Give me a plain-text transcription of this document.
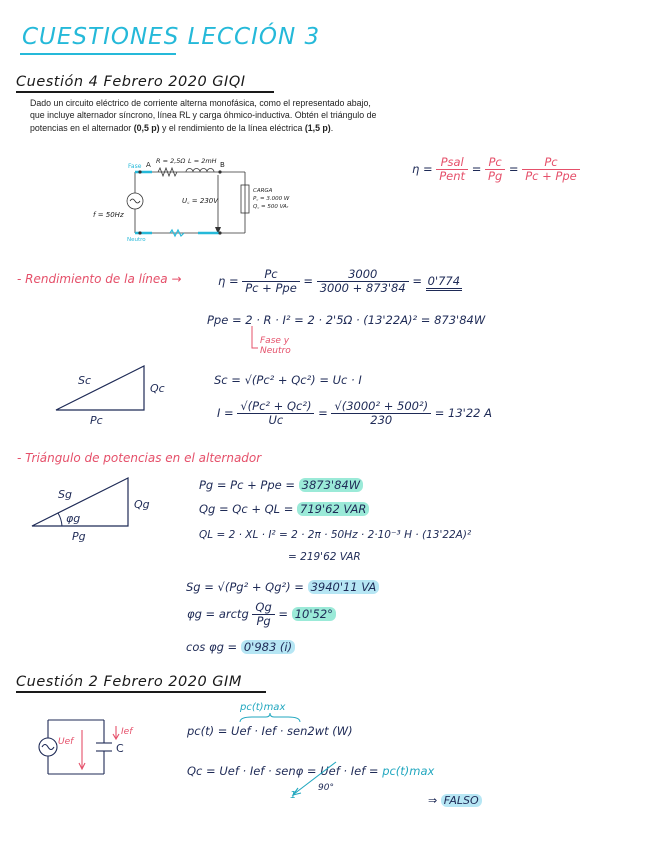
CUESTIONES LECCIÓN 3
Cuestión 4 Febrero 2020 GIQI
Dado un circuito eléctrico de corriente alterna monofásica, como el representado abajo, que incluye alternador síncrono, línea RL y carga óhmico-inductiva. Obtén el triángulo de potencias en el alternador (0,5 p) y el rendimiento de la línea eléctrica (1,5 p).
Fase A	B
R = 2,5Ω L = 2mH
U꜀ = 230V
f = 50Hz
Neutro
CARGA
P꜀ = 3.000 W
Q꜀ = 500 VAᵣ
$\eta = \frac{\text{Psal}}{\text{Pent}} = \frac{Pc}{Pg} = \frac{Pc}{\text{Pc + Ppe}}$
- Rendimiento de la línea →	$\eta = \frac{Pc}{\text{Pc + Ppe}} = \frac{3000}{3000 + 873'84} = 0'774$
Ppe = 2 · R · I² = 2 · 2'5Ω · (13'22A)² = 873'84W
Fase y Neutro
Sc
Qc
Pc
Sc = √(Pc² + Qc²) = Uc · I
$I = \frac{\text{√(Pc² + Qc²)}}{Uc} = \frac{\text{√(3000² + 500²)}}{230} = 13'22$ A
- Triángulo de potencias en el alternador
Sg
Qg
φg
Pg
Pg = Pc + Ppe = 3873'84W
Qg = Qc + QL = 719'62 VAR
QL = 2 · XL · I² = 2 · 2π · 50Hz · 2·10⁻³ H · (13'22A)²
= 219'62 VAR
Sg = √(Pg² + Qg²) = 3940'11 VA
φg = arctg $\frac{Qg}{Pg} = 10'52^\circ$
cos φg = 0'983 (i)
Cuestión 2 Febrero 2020 GIM
Uef
Ief
C
pc(t)max
pc(t) = Uef · Ief · sen2wt (W)
Qc = Uef · Ief · senφ = Uef · Ief = pc(t)max
90°
1	⇒ FALSO
